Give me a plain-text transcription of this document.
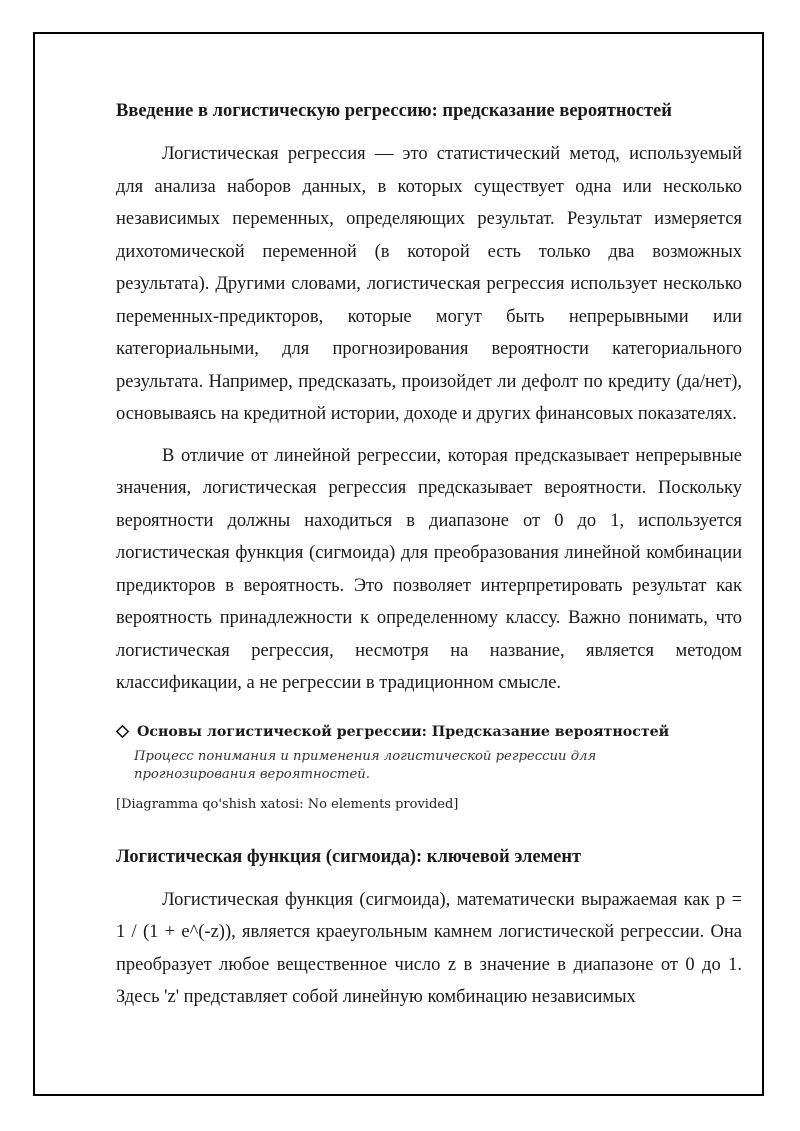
Введение в логистическую регрессию: предсказание вероятностей

Логистическая регрессия — это статистический метод, используемый для анализа наборов данных, в которых существует одна или несколько независимых переменных, определяющих результат. Результат измеряется дихотомической переменной (в которой есть только два возможных результата). Другими словами, логистическая регрессия использует несколько переменных-предикторов, которые могут быть непрерывными или категориальными, для прогнозирования вероятности категориального результата. Например, предсказать, произойдет ли дефолт по кредиту (да/нет), основываясь на кредитной истории, доходе и других финансовых показателях.

В отличие от линейной регрессии, которая предсказывает непрерывные значения, логистическая регрессия предсказывает вероятности. Поскольку вероятности должны находиться в диапазоне от 0 до 1, используется логистическая функция (сигмоида) для преобразования линейной комбинации предикторов в вероятность. Это позволяет интерпретировать результат как вероятность принадлежности к определенному классу. Важно понимать, что логистическая регрессия, несмотря на название, является методом классификации, а не регрессии в традиционном смысле.

Основы логистической регрессии: Предсказание вероятностей
Процесс понимания и применения логистической регрессии для прогнозирования вероятностей.
[Diagramma qo'shish xatosi: No elements provided]
Логистическая функция (сигмоида): ключевой элемент

Логистическая функция (сигмоида), математически выражаемая как p = 1 / (1 + e^(-z)), является краеугольным камнем логистической регрессии. Она преобразует любое вещественное число z в значение в диапазоне от 0 до 1. Здесь 'z' представляет собой линейную комбинацию независимых
